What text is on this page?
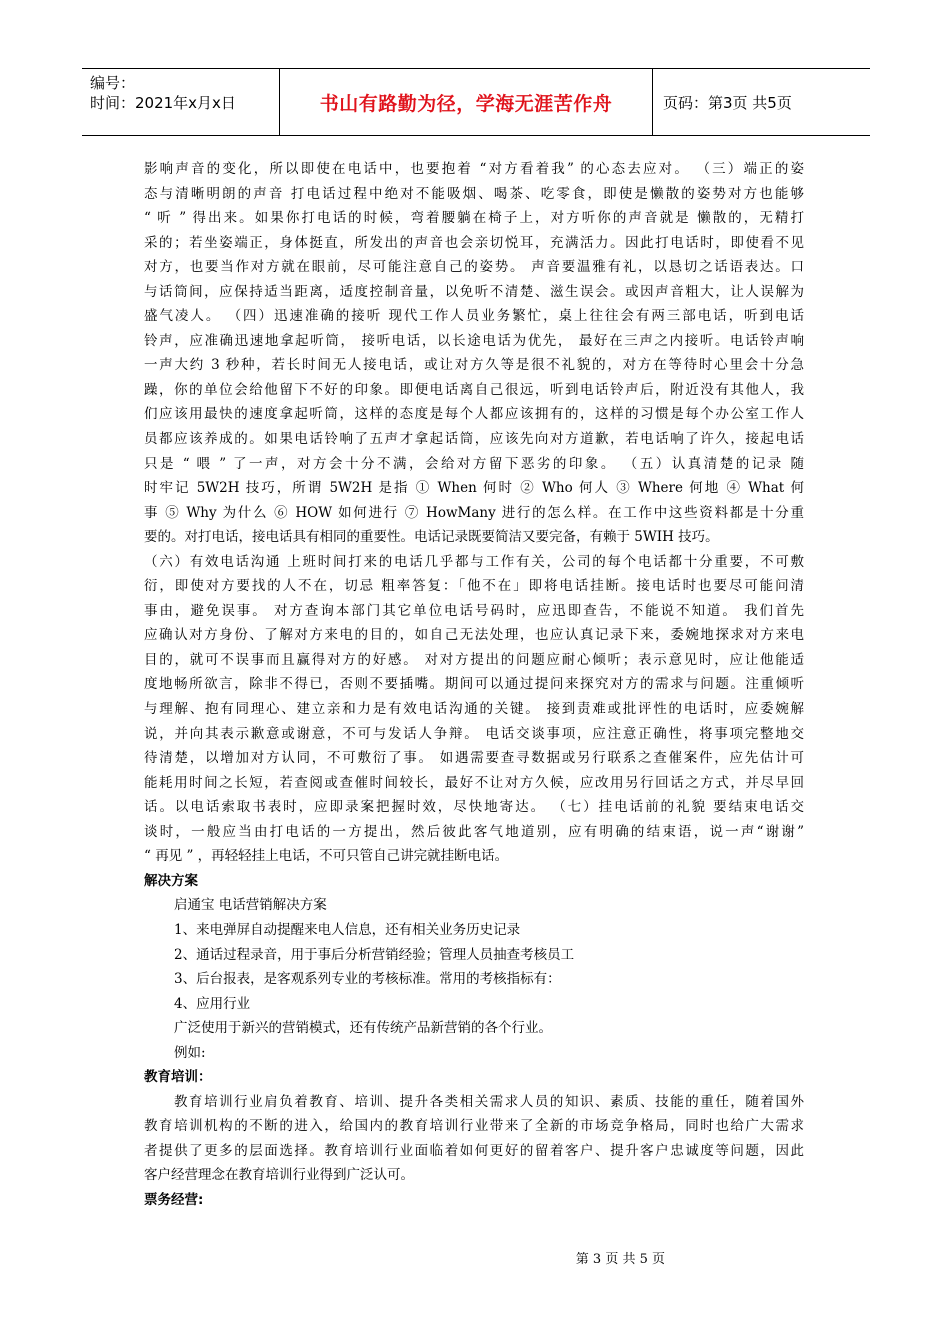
编号：
时间：2021年x月x日	书山有路勤为径，学海无涯苦作舟	页码：第3页 共5页
影响声音的变化，所以即使在电话中，也要抱着 “对方看着我” 的心态去应对。 （三）端正的姿
态与清晰明朗的声音 打电话过程中绝对不能吸烟、喝茶、吃零食，即使是懒散的姿势对方也能够
“ 听 ” 得出来。如果你打电话的时候，弯着腰躺在椅子上，对方听你的声音就是 懒散的，无精打
采的；若坐姿端正，身体挺直，所发出的声音也会亲切悦耳，充满活力。因此打电话时，即使看不见
对方，也要当作对方就在眼前，尽可能注意自己的姿势。 声音要温雅有礼，以恳切之话语表达。口
与话筒间，应保持适当距离，适度控制音量，以免听不清楚、滋生误会。或因声音粗大，让人误解为
盛气凌人。 （四）迅速准确的接听 现代工作人员业务繁忙，桌上往往会有两三部电话，听到电话
铃声，应准确迅速地拿起听筒， 接听电话，以长途电话为优先， 最好在三声之内接听。电话铃声响
一声大约 3 秒种，若长时间无人接电话，或让对方久等是很不礼貌的，对方在等待时心里会十分急
躁，你的单位会给他留下不好的印象。即便电话离自己很远，听到电话铃声后，附近没有其他人，我
们应该用最快的速度拿起听筒，这样的态度是每个人都应该拥有的，这样的习惯是每个办公室工作人
员都应该养成的。如果电话铃响了五声才拿起话筒，应该先向对方道歉，若电话响了许久，接起电话
只是 “ 喂 ” 了一声，对方会十分不满，会给对方留下恶劣的印象。 （五）认真清楚的记录 随
时牢记 5W2H 技巧，所谓 5W2H 是指 ① When 何时 ② Who 何人 ③ Where 何地 ④ What 何
事 ⑤ Why 为什么 ⑥ HOW 如何进行 ⑦ HowMany 进行的怎么样。在工作中这些资料都是十分重
要的。对打电话，接电话具有相同的重要性。电话记录既要简洁又要完备，有赖于 5WIH 技巧。
（六）有效电话沟通 上班时间打来的电话几乎都与工作有关，公司的每个电话都十分重要，不可敷
衍，即使对方要找的人不在，切忌 粗率答复：「他不在」即将电话挂断。接电话时也要尽可能问清
事由，避免误事。 对方查询本部门其它单位电话号码时，应迅即查告，不能说不知道。 我们首先
应确认对方身份、了解对方来电的目的，如自己无法处理，也应认真记录下来，委婉地探求对方来电
目的，就可不误事而且赢得对方的好感。 对对方提出的问题应耐心倾听；表示意见时，应让他能适
度地畅所欲言，除非不得已，否则不要插嘴。期间可以通过提问来探究对方的需求与问题。注重倾听
与理解、抱有同理心、建立亲和力是有效电话沟通的关键。 接到责难或批评性的电话时，应委婉解
说，并向其表示歉意或谢意，不可与发话人争辩。 电话交谈事项，应注意正确性，将事项完整地交
待清楚，以增加对方认同，不可敷衍了事。 如遇需要查寻数据或另行联系之查催案件，应先估计可
能耗用时间之长短，若查阅或查催时间较长，最好不让对方久候，应改用另行回话之方式，并尽早回
话。以电话索取书表时，应即录案把握时效，尽快地寄达。 （七）挂电话前的礼貌 要结束电话交
谈时，一般应当由打电话的一方提出，然后彼此客气地道别，应有明确的结束语，说一声“谢谢”
“ 再见 ” ，再轻轻挂上电话，不可只管自己讲完就挂断电话。
解决方案
启通宝 电话营销解决方案
1、来电弹屏自动提醒来电人信息，还有相关业务历史记录
2、通话过程录音，用于事后分析营销经验；管理人员抽查考核员工
3、后台报表，是客观系列专业的考核标准。常用的考核指标有：
4、应用行业
广泛使用于新兴的营销模式，还有传统产品新营销的各个行业。
例如:
教育培训：
教育培训行业肩负着教育、培训、提升各类相关需求人员的知识、素质、技能的重任，随着国外
教育培训机构的不断的进入，给国内的教育培训行业带来了全新的市场竞争格局，同时也给广大需求
者提供了更多的层面选择。教育培训行业面临着如何更好的留着客户、提升客户忠诚度等问题，因此
客户经营理念在教育培训行业得到广泛认可。
票务经营:
第 3 页 共 5 页
